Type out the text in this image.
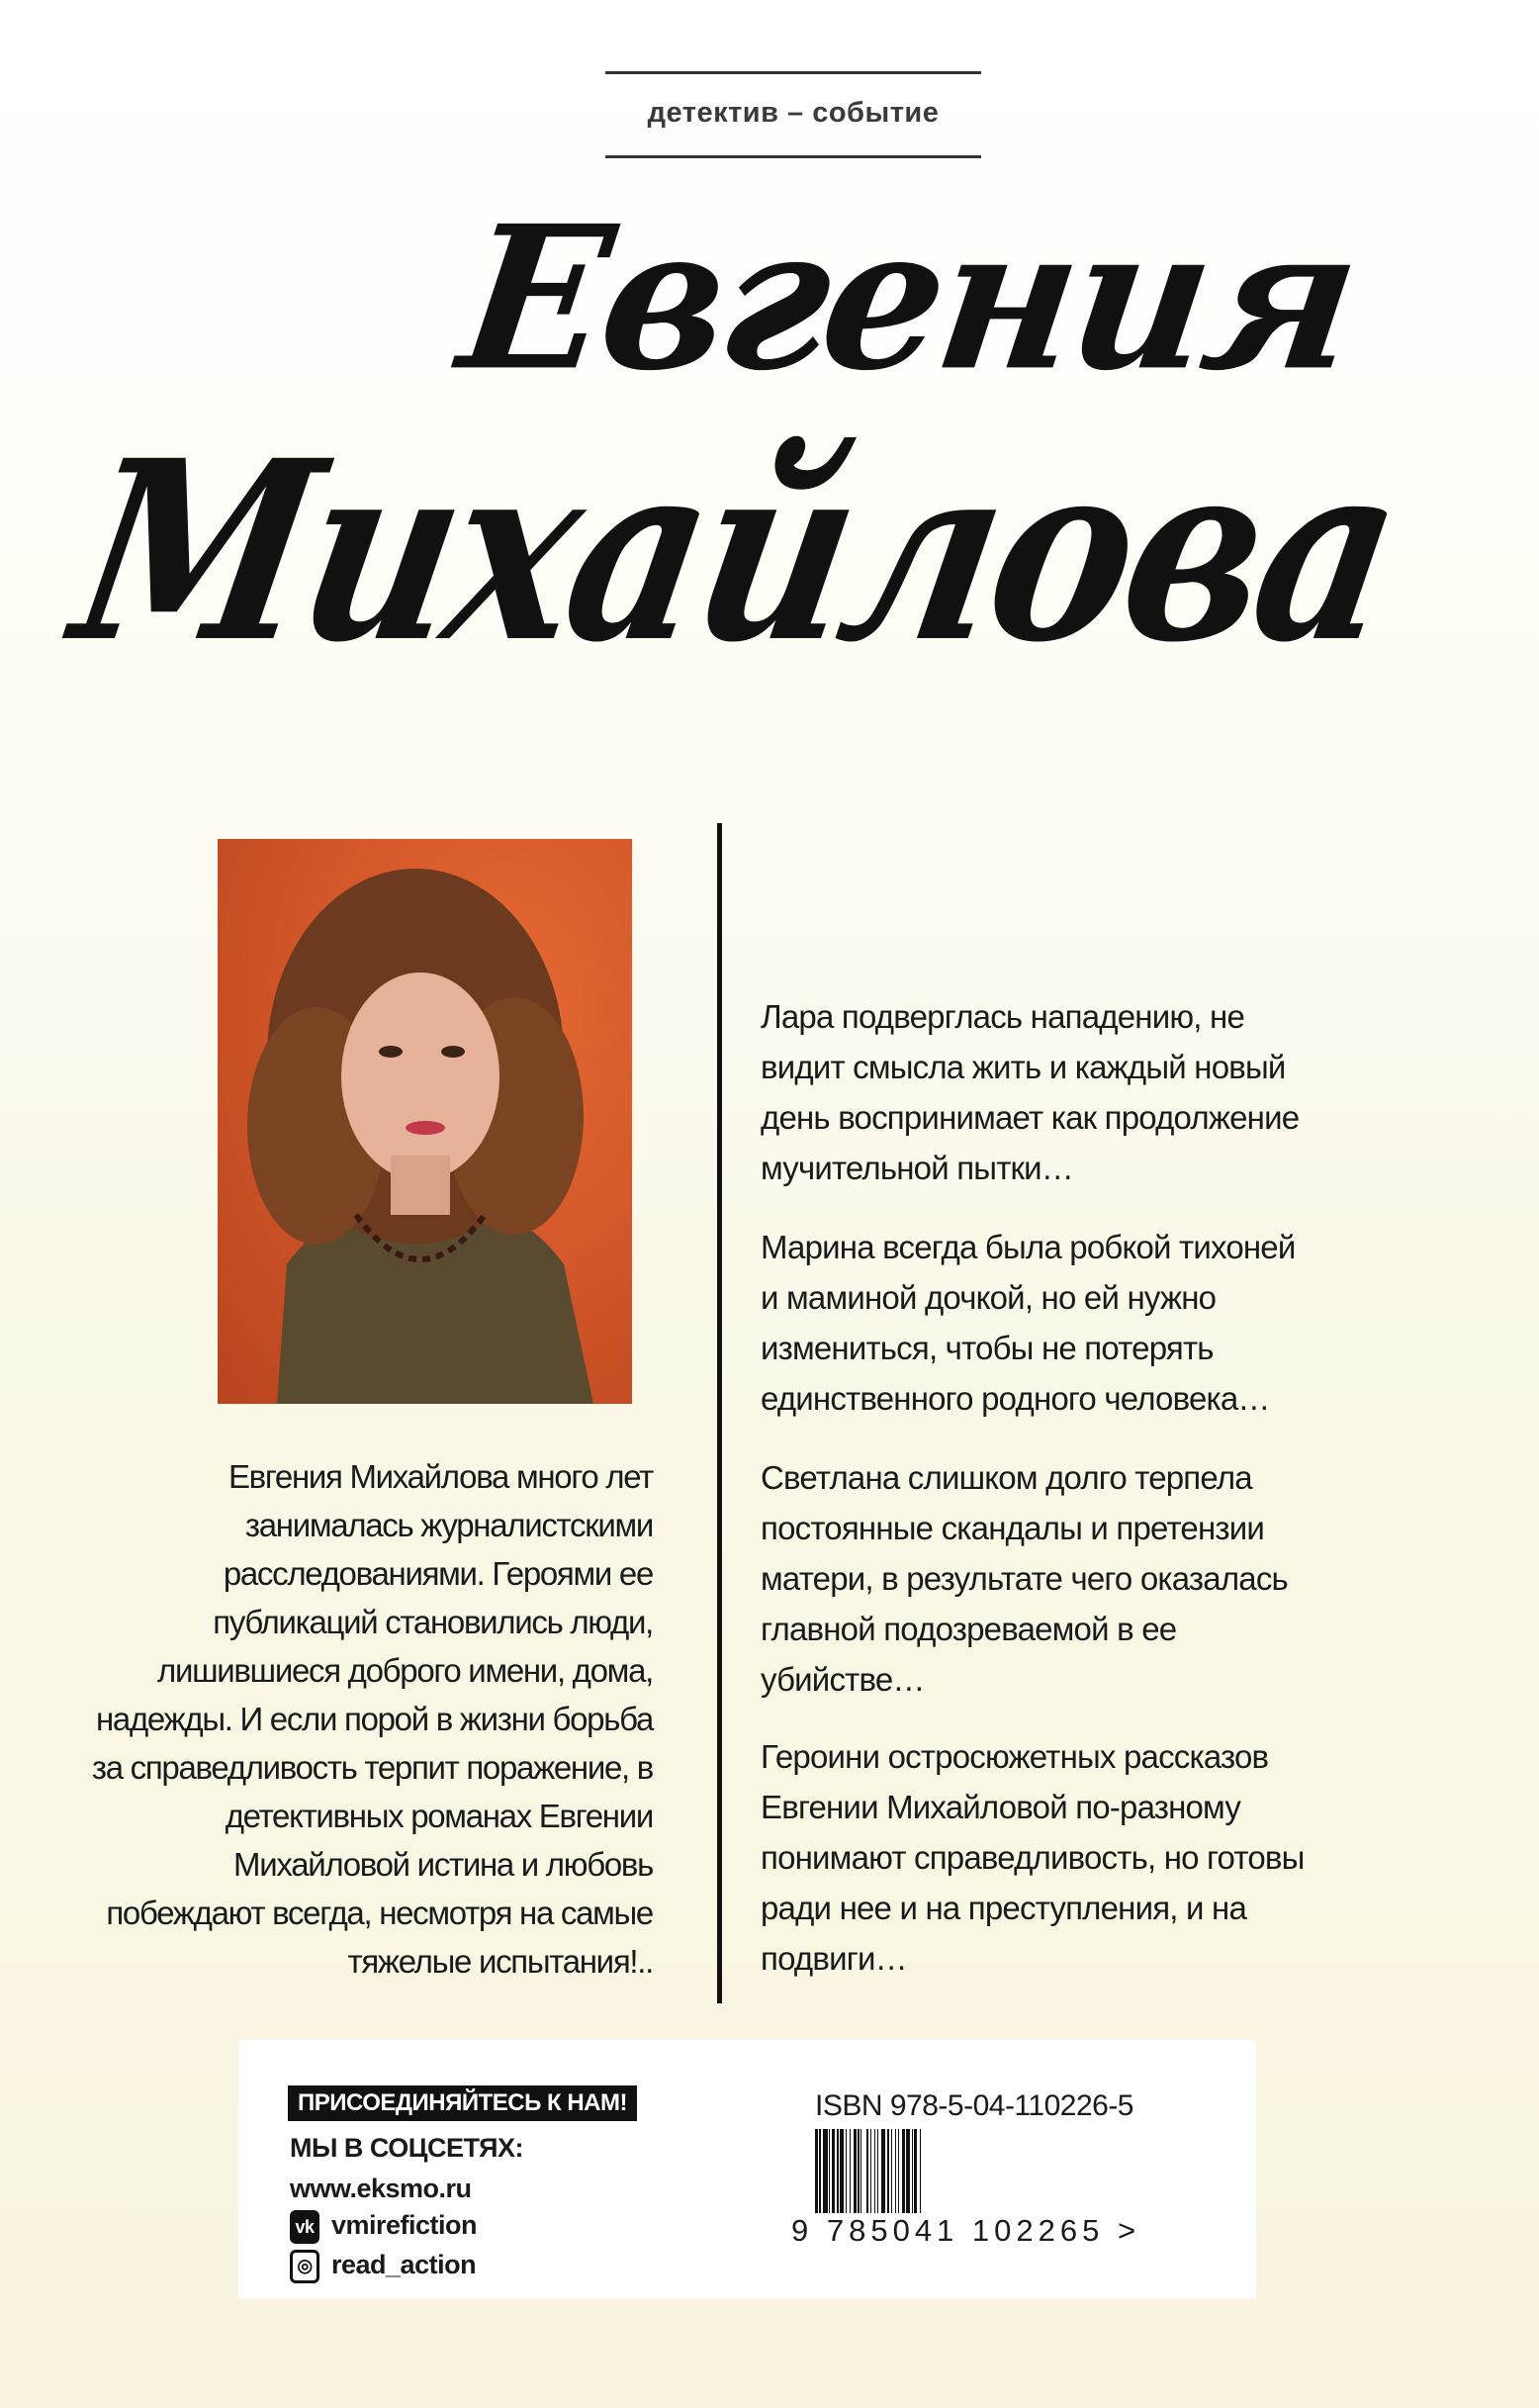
детектив – событие
Евгения
Михайлова
Лара подверглась нападению, не
видит смысла жить и каждый новый
день воспринимает как продолжение
мучительной пытки…
Марина всегда была робкой тихоней
и маминой дочкой, но ей нужно
измениться, чтобы не потерять
единственного родного человека…
Светлана слишком долго терпела
постоянные скандалы и претензии
матери, в результате чего оказалась
главной подозреваемой в ее
убийстве…
Героини остросюжетных рассказов
Евгении Михайловой по-разному
понимают справедливость, но готовы
ради нее и на преступления, и на
подвиги…
Евгения Михайлова много лет
занималась журналистскими
расследованиями. Героями ее
публикаций становились люди,
лишившиеся доброго имени, дома,
надежды. И если порой в жизни борьба
за справедливость терпит поражение, в
детективных романах Евгении
Михайловой истина и любовь
побеждают всегда, несмотря на самые
тяжелые испытания!..
ПРИСОЕДИНЯЙТЕСЬ К НАМ!
МЫ В СОЦСЕТЯХ:
www.eksmo.ru
vk vmirefiction
◎ read_action
ISBN 978-5-04-110226-5
9 785041 102265 >
